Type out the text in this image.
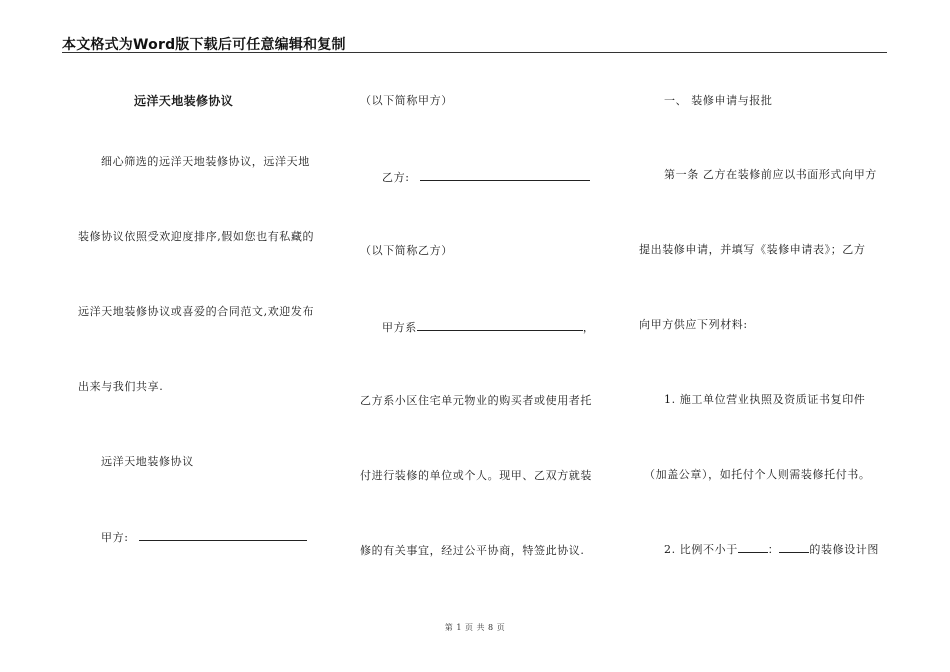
本文格式为Word版下载后可任意编辑和复制
远洋天地装修协议
细心筛选的远洋天地装修协议，远洋天地
装修协议依照受欢迎度排序,假如您也有私藏的
远洋天地装修协议或喜爱的合同范文,欢迎发布
出来与我们共享.
远洋天地装修协议
甲方:
（以下简称甲方）
乙方:
（以下简称乙方）
甲方系	，
乙方系小区住宅单元物业的购买者或使用者托
付进行装修的单位或个人。现甲、乙双方就装
修的有关事宜，经过公平协商，特签此协议.
一、 装修申请与报批
第一条 乙方在装修前应以书面形式向甲方
提出装修申请，并填写《装修申请表》；乙方
向甲方供应下列材料:
1. 施工单位营业执照及资质证书复印件
（加盖公章），如托付个人则需装修托付书。
2. 比例不小于	：	的装修设计图
第 1 页 共 8 页
